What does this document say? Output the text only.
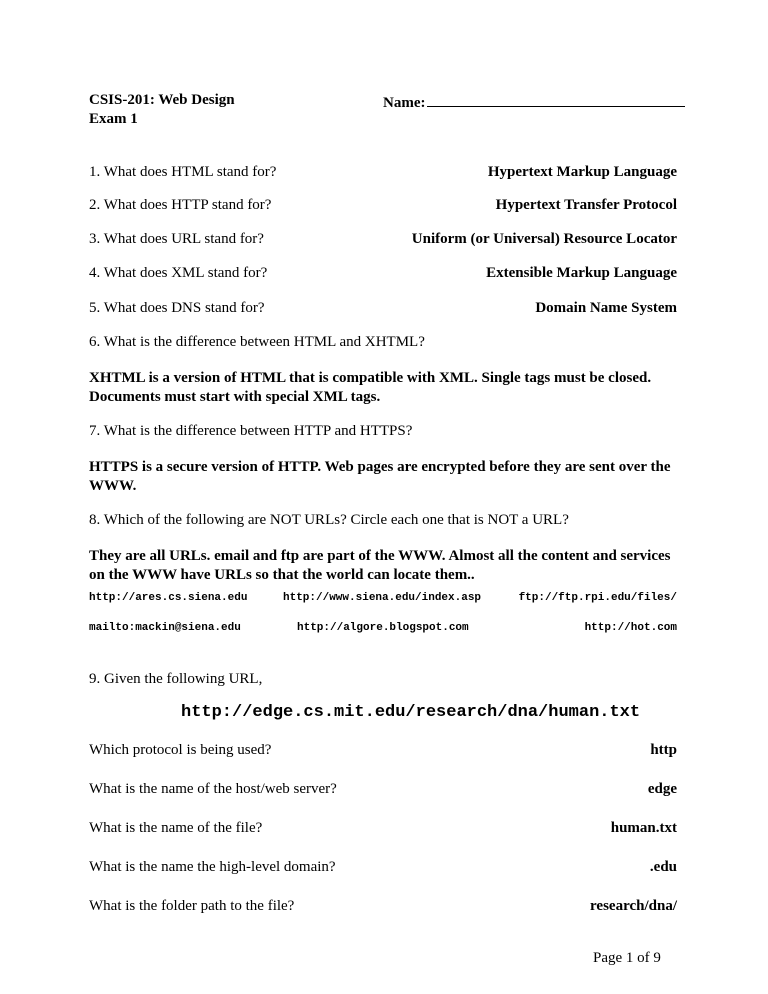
CSIS-201: Web Design
Exam 1
Name:
1. What does HTML stand for?	Hypertext Markup Language
2. What does HTTP stand for?	Hypertext Transfer Protocol
3. What does URL stand for?	Uniform (or Universal) Resource Locator
4. What does XML stand for?	Extensible Markup Language
5. What does DNS stand for?	Domain Name System
6. What is the difference between HTML and XHTML?
XHTML is a version of HTML that is compatible with XML. Single tags must be closed. Documents must start with special XML tags.
7. What is the difference between HTTP and HTTPS?
HTTPS is a secure version of HTTP. Web pages are encrypted before they are sent over the WWW.
8. Which of the following are NOT URLs? Circle each one that is NOT a URL?
They are all URLs. email and ftp are part of the WWW. Almost all the content and services on the WWW have URLs so that the world can locate them..
http://ares.cs.siena.edu	http://www.siena.edu/index.asp	ftp://ftp.rpi.edu/files/
mailto:mackin@siena.edu	http://algore.blogspot.com	http://hot.com
9. Given the following URL,
http://edge.cs.mit.edu/research/dna/human.txt
Which protocol is being used?	http
What is the name of the host/web server?	edge
What is the name of the file?	human.txt
What is the name the high-level domain?	.edu
What is the folder path to the file?	research/dna/
Page 1 of 9
